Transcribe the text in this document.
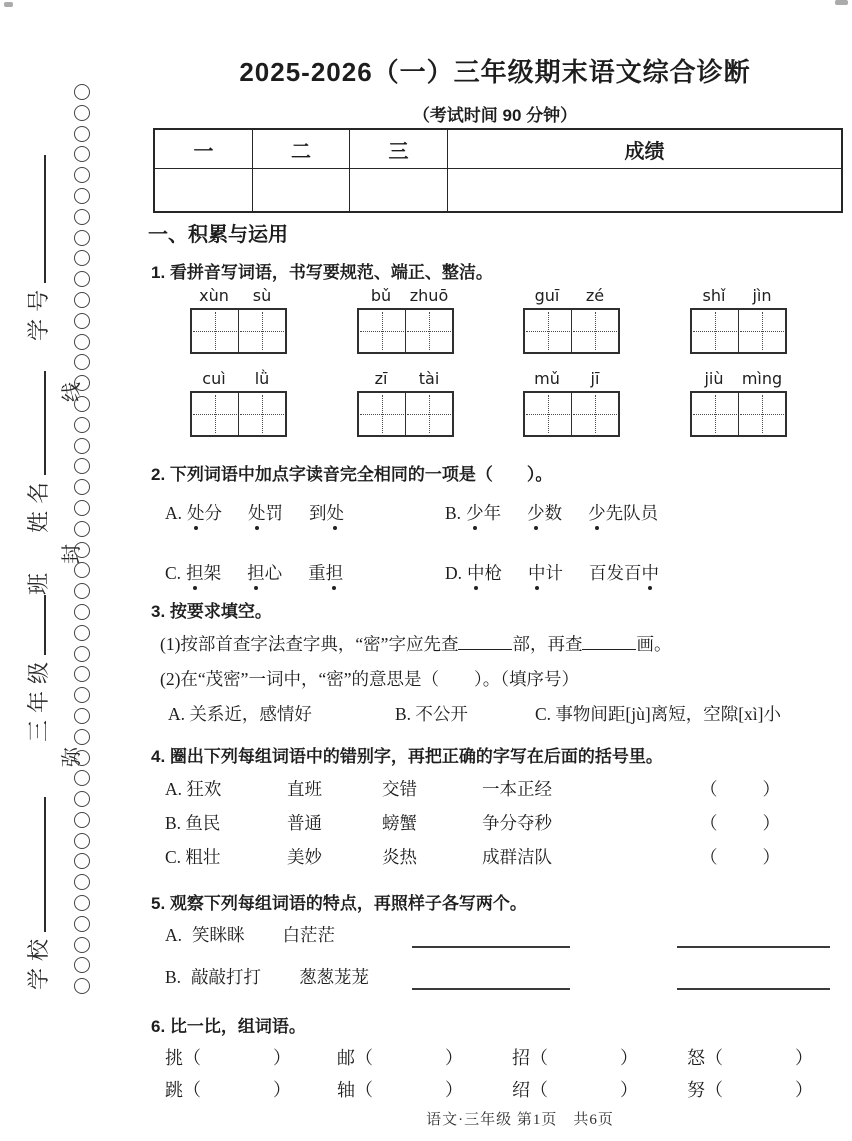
学校
三年级
班
姓名
学号
弥
封
线
2025-2026（一）三年级期末语文综合诊断
（考试时间 90 分钟）
一	二	三	成绩
一、积累与运用
1. 看拼音写词语，书写要规范、端正、整洁。
xùn	sù	bǔ	zhuō	guī	zé	shǐ	jìn
cuì	lǜ	zī	tài	mǔ	jī	jiù	mìng
2. 下列词语中加点字读音完全相同的一项是（　　）。
A. 处分 处罚 到处	B. 少年 少数 少先队员
C. 担架 担心 重担	D. 中枪 中计 百发百中
3. 按要求填空。
(1)按部首查字法查字典，“密”字应先查	部，再查	画。
(2)在“茂密”一词中，“密”的意思是（　　）。（填序号）
A. 关系近，感情好	B. 不公开	C. 事物间距[jù]离短，空隙[xì]小
4. 圈出下列每组词语中的错别字，再把正确的字写在后面的括号里。
A. 狂欢	直班	交错	一本正经	（	）
B. 鱼民	普通	螃蟹	争分夺秒	（	）
C. 粗壮	美妙	炎热	成群洁队	（	）
5. 观察下列每组词语的特点，再照样子各写两个。
A. 笑眯眯 白茫茫
B. 敲敲打打 葱葱茏茏
6. 比一比，组词语。
挑（	）	邮（	）	招（	）	怒（	）
跳（	）	轴（	）	绍（	）	努（	）
语文·三年级 第1页　共6页
